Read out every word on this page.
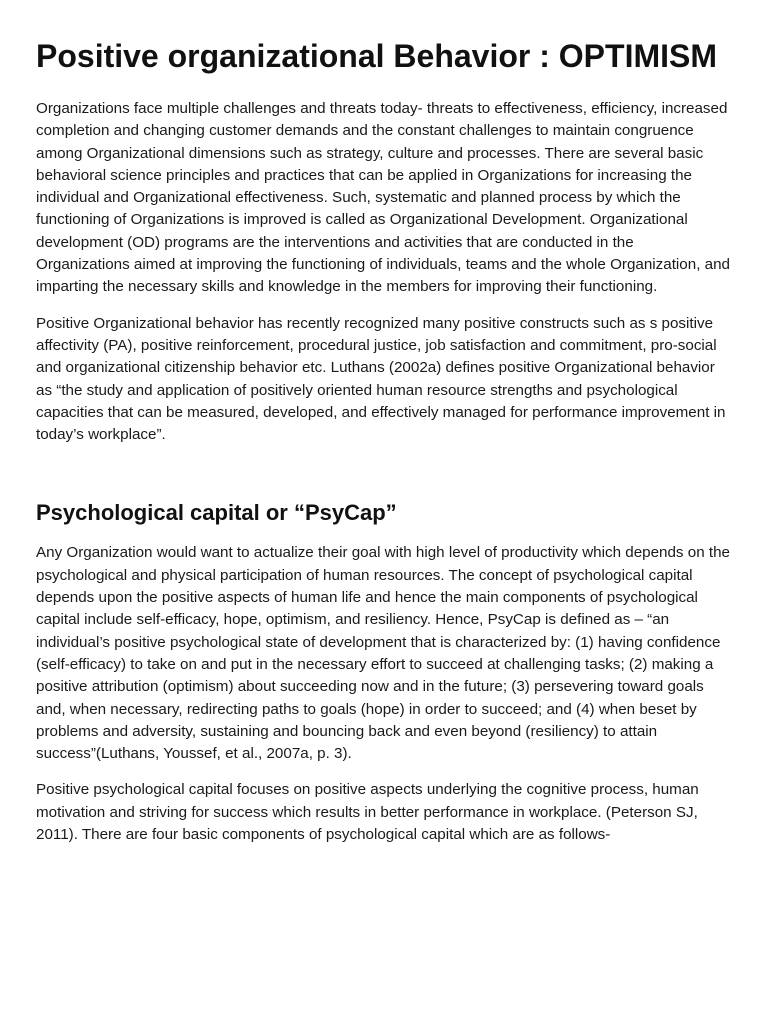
Positive organizational Behavior : OPTIMISM

Organizations face multiple challenges and threats today- threats to effectiveness, efficiency, increased completion and changing customer demands and the constant challenges to maintain congruence among Organizational dimensions such as strategy, culture and processes. There are several basic behavioral science principles and practices that can be applied in Organizations for increasing the individual and Organizational effectiveness. Such, systematic and planned process by which the functioning of Organizations is improved is called as Organizational Development. Organizational development (OD) programs are the interventions and activities that are conducted in the Organizations aimed at improving the functioning of individuals, teams and the whole Organization, and imparting the necessary skills and knowledge in the members for improving their functioning.

Positive Organizational behavior has recently recognized many positive constructs such as s positive affectivity (PA), positive reinforcement, procedural justice, job satisfaction and commitment, pro-social and organizational citizenship behavior etc. Luthans (2002a) defines positive Organizational behavior as “the study and application of positively oriented human resource strengths and psychological capacities that can be measured, developed, and effectively managed for performance improvement in today’s workplace”.

Psychological capital or “PsyCap”

Any Organization would want to actualize their goal with high level of productivity which depends on the psychological and physical participation of human resources. The concept of psychological capital depends upon the positive aspects of human life and hence the main components of psychological capital include self-efficacy, hope, optimism, and resiliency. Hence, PsyCap is defined as – “an individual’s positive psychological state of development that is characterized by: (1) having confidence (self-efficacy) to take on and put in the necessary effort to succeed at challenging tasks; (2) making a positive attribution (optimism) about succeeding now and in the future; (3) persevering toward goals and, when necessary, redirecting paths to goals (hope) in order to succeed; and (4) when beset by problems and adversity, sustaining and bouncing back and even beyond (resiliency) to attain success”(Luthans, Youssef, et al., 2007a, p. 3).

Positive psychological capital focuses on positive aspects underlying the cognitive process, human motivation and striving for success which results in better performance in workplace. (Peterson SJ, 2011). There are four basic components of psychological capital which are as follows-
